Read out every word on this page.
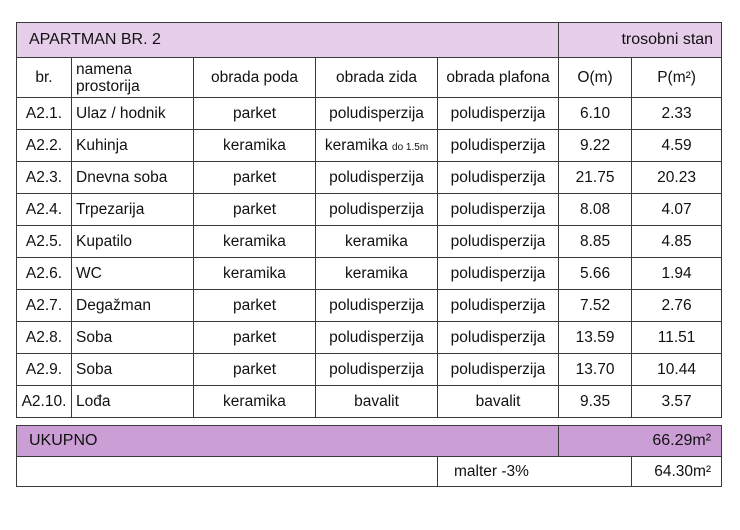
APARTMAN BR. 2					trosobni stan	
br.	namena prostorija	obrada poda	obrada zida	obrada plafona	O(m)	P(m²)
A2.1.	Ulaz / hodnik	parket	poludisperzija	poludisperzija	6.10	2.33
A2.2.	Kuhinja	keramika	keramika do 1.5m	poludisperzija	9.22	4.59
A2.3.	Dnevna soba	parket	poludisperzija	poludisperzija	21.75	20.23
A2.4.	Trpezarija	parket	poludisperzija	poludisperzija	8.08	4.07
A2.5.	Kupatilo	keramika	keramika	poludisperzija	8.85	4.85
A2.6.	WC	keramika	keramika	poludisperzija	5.66	1.94
A2.7.	Degažman	parket	poludisperzija	poludisperzija	7.52	2.76
A2.8.	Soba	parket	poludisperzija	poludisperzija	13.59	11.51
A2.9.	Soba	parket	poludisperzija	poludisperzija	13.70	10.44
A2.10.	Lođa	keramika	bavalit	bavalit	9.35	3.57

UKUPNO					66.29m²	
				malter -3%		64.30m²
